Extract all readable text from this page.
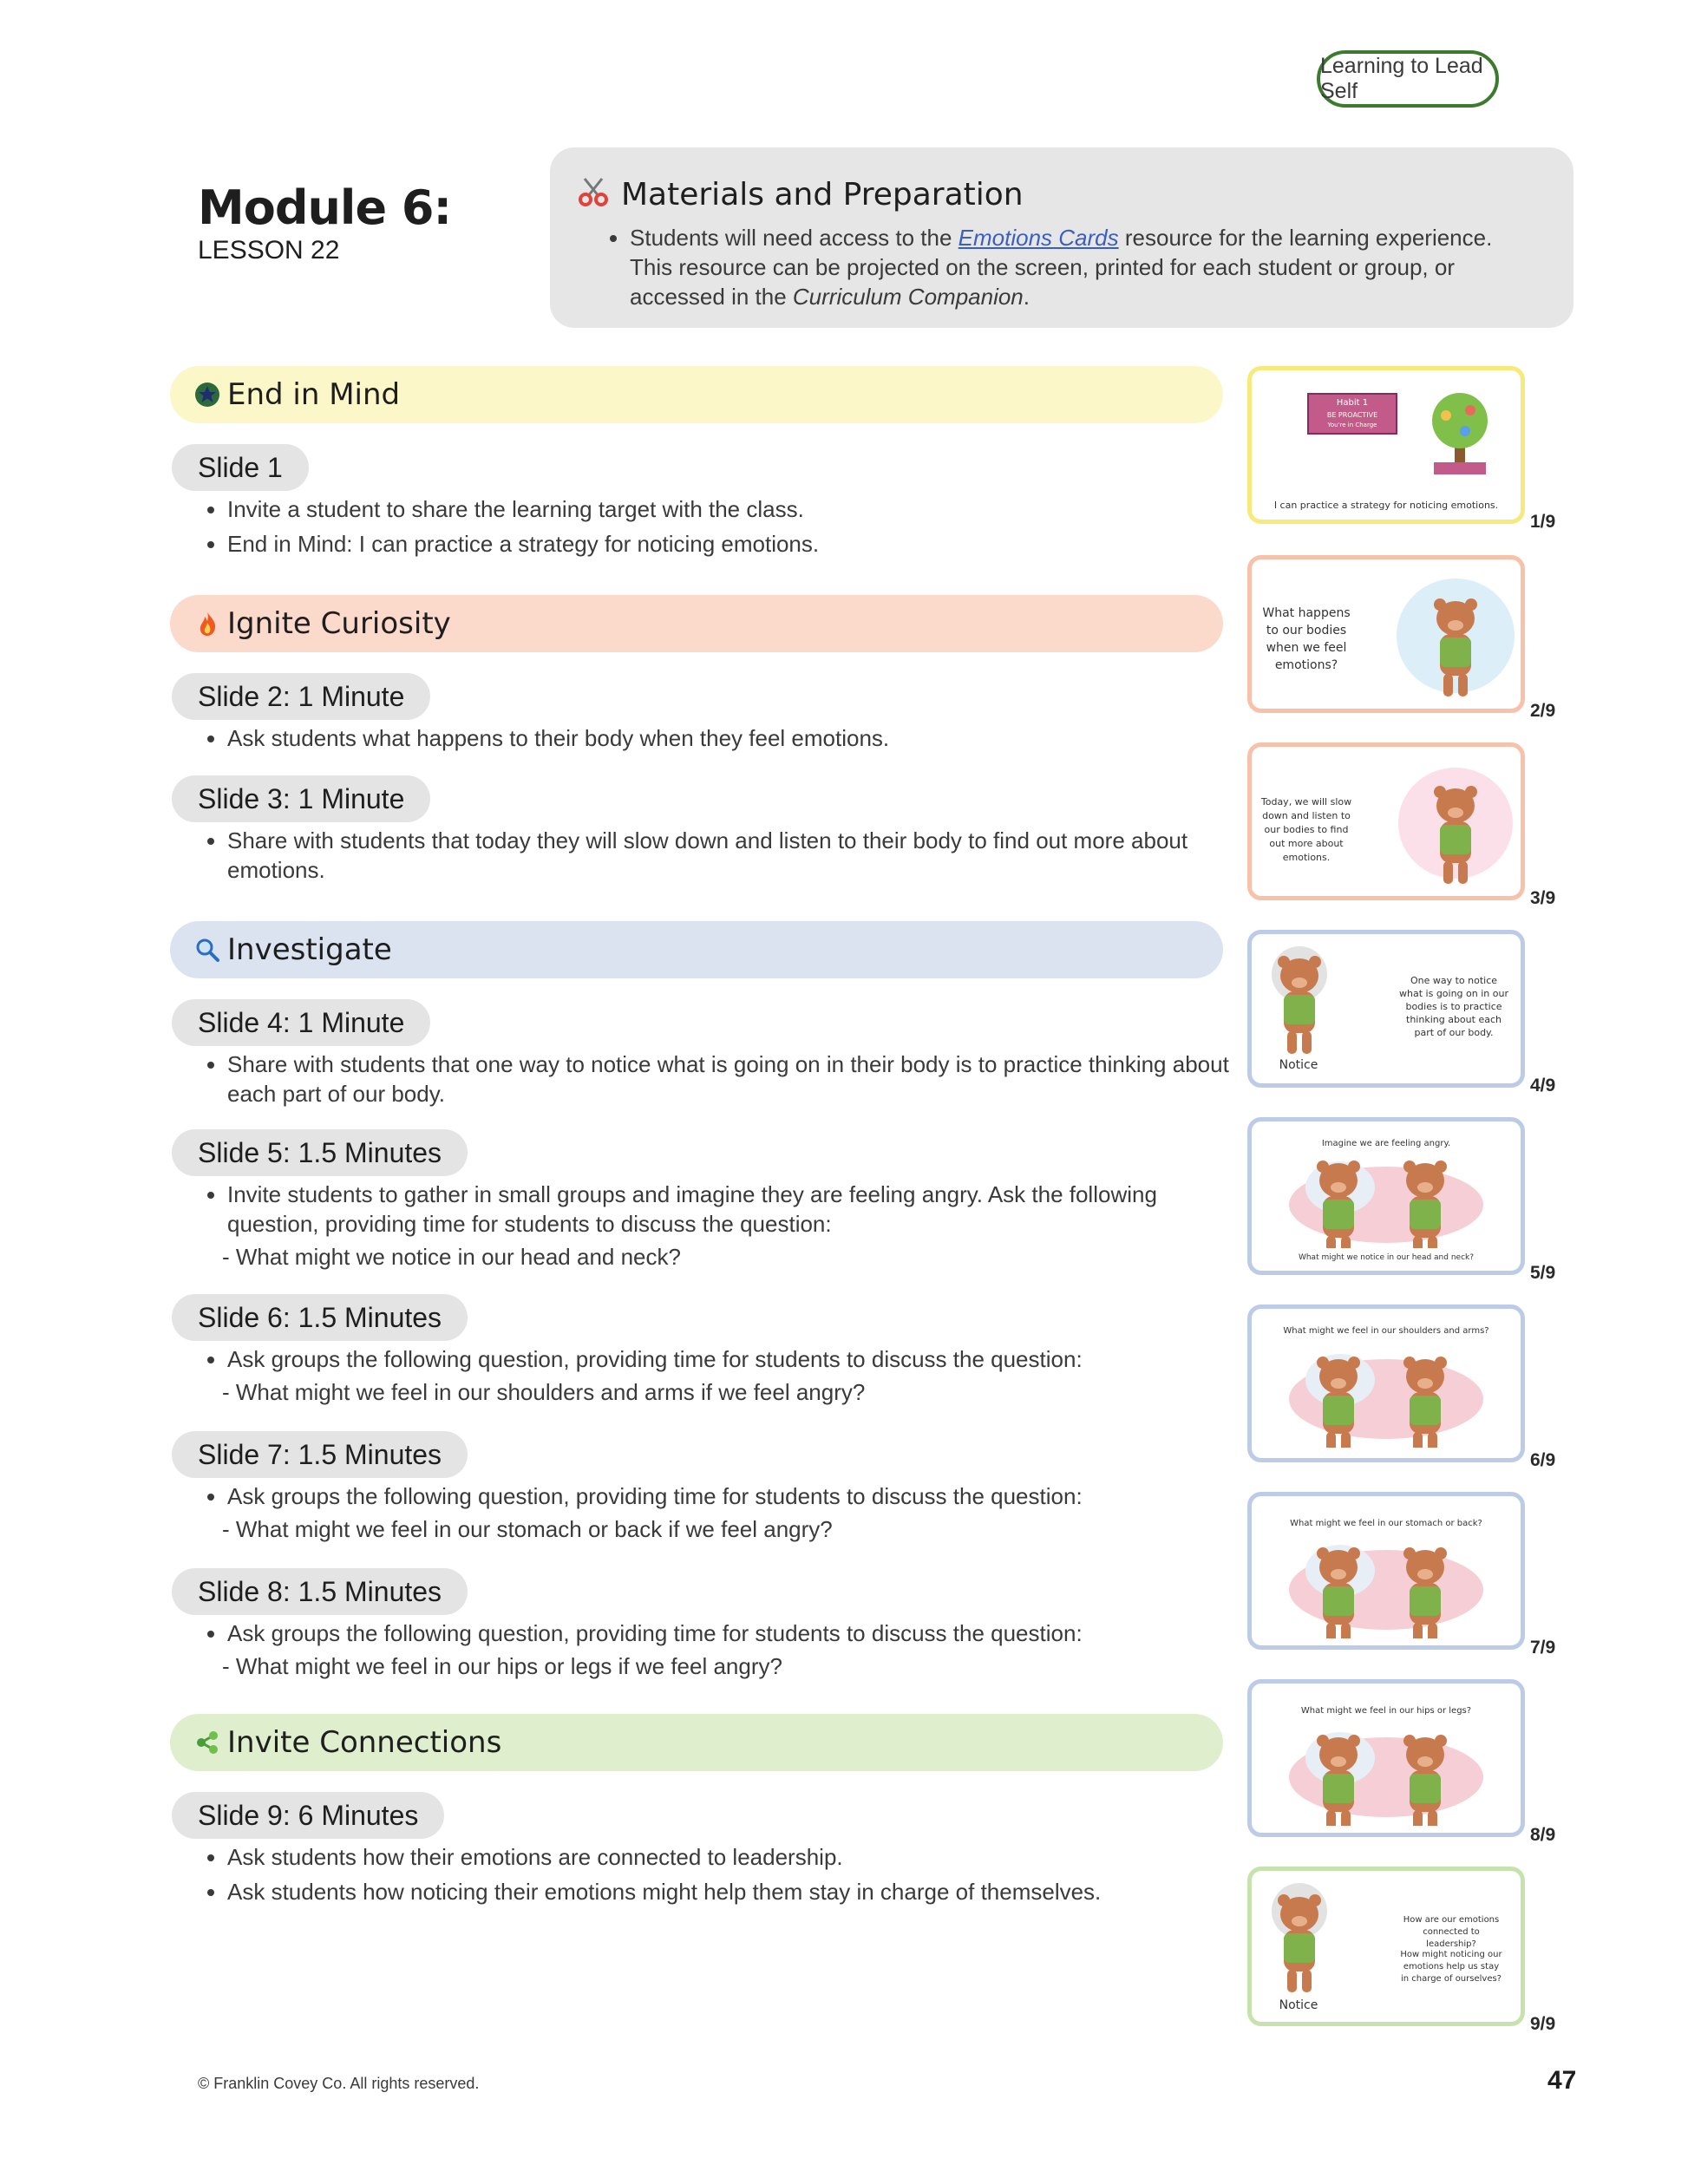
Learning to Lead Self
Module 6:
LESSON 22
Materials and Preparation
• Students will need access to the Emotions Cards resource for the learning experience. This resource can be projected on the screen, printed for each student or group, or accessed in the Curriculum Companion.
End in Mind
Slide 1
• Invite a student to share the learning target with the class.
• End in Mind: I can practice a strategy for noticing emotions.
Ignite Curiosity
Slide 2:
1 Minute
• Ask students what happens to their body when they feel emotions.
Slide 3:
1 Minute
• Share with students that today they will slow down and listen to their body to find out more about emotions.
Investigate
Slide 4:
1 Minute
• Share with students that one way to notice what is going on in their body is to practice thinking about each part of our body.
Slide 5:
1.5 Minutes
• Invite students to gather in small groups and imagine they are feeling angry. Ask the following question, providing time for students to discuss the question:
- What might we notice in our head and neck?
Slide 6:
1.5 Minutes
• Ask groups the following question, providing time for students to discuss the question:
- What might we feel in our shoulders and arms if we feel angry?
Slide 7:
1.5 Minutes
• Ask groups the following question, providing time for students to discuss the question:
- What might we feel in our stomach or back if we feel angry?
Slide 8:
1.5 Minutes
• Ask groups the following question, providing time for students to discuss the question:
- What might we feel in our hips or legs if we feel angry?
Invite Connections
Slide 9:
6 Minutes
• Ask students how their emotions are connected to leadership.
• Ask students how noticing their emotions might help them stay in charge of themselves.
Habit 1
BE PROACTIVE
You're in Charge
I can practice a strategy for noticing emotions.
1/9
What happens to our bodies when we feel emotions?
2/9
Today, we will slow down and listen to our bodies to find out more about emotions.
3/9
Notice
One way to notice what is going on in our bodies is to practice thinking about each part of our body.
4/9
Imagine we are feeling angry.
What might we notice in our head and neck?
5/9
What might we feel in our shoulders and arms?
6/9
What might we feel in our stomach or back?
7/9
What might we feel in our hips or legs?
8/9
Notice
How are our emotions connected to leadership?
How might noticing our emotions help us stay in charge of ourselves?
9/9
© Franklin Covey Co. All rights reserved.	47
